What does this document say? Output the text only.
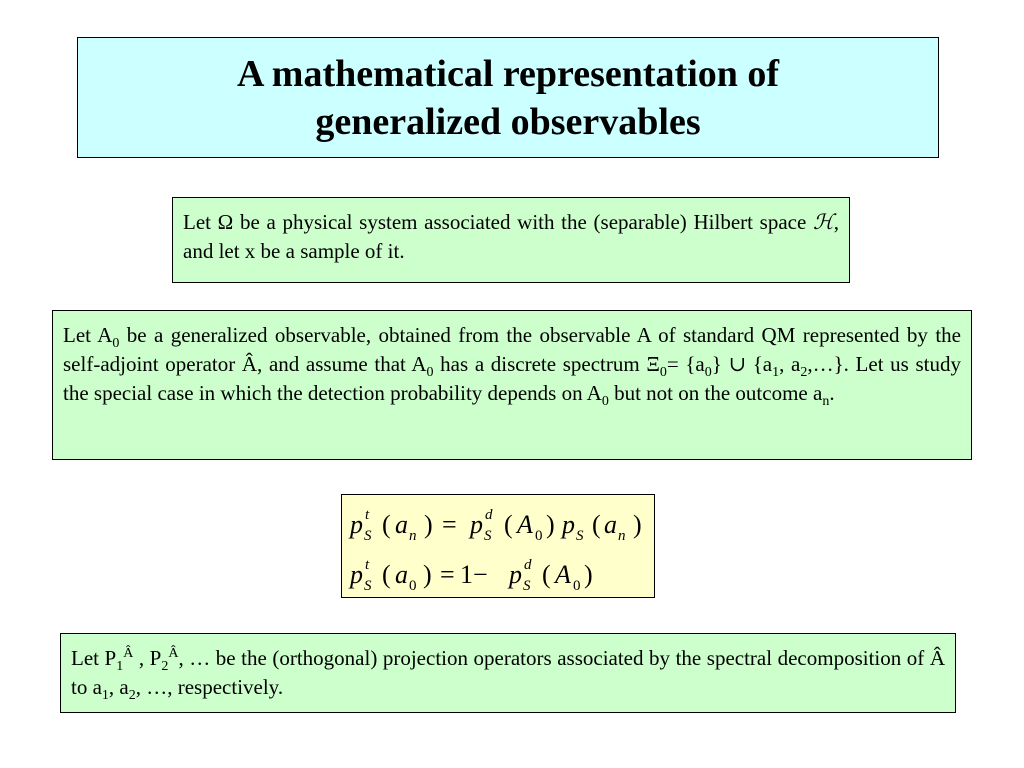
A mathematical representation of
generalized observables
Let Ω be a physical system associated with the (separable) Hilbert space ℋ, and let x be a sample of it.
Let $A_0$ be a generalized observable, obtained from the observable A of standard QM represented by the self-adjoint operator Â, and assume that $A_0$ has a discrete spectrum $\Xi_0= \{a_0\}$ ∪ {$a_1$, $a_2,\dots$}. Let us study the special case in which the detection probability depends on $A_0$ but not on the outcome $a_n$.
p t
S ( a n ) = p d
S ( A 0 ) p S ( a n )
p t
S ( a 0 ) = 1− p d
S ( A 0 )
Let $P_1^Â$ , $P_2^Â$, … be the (orthogonal) projection operators associated by the spectral decomposition of Â to $a_1$, $a_2$, …, respectively.
